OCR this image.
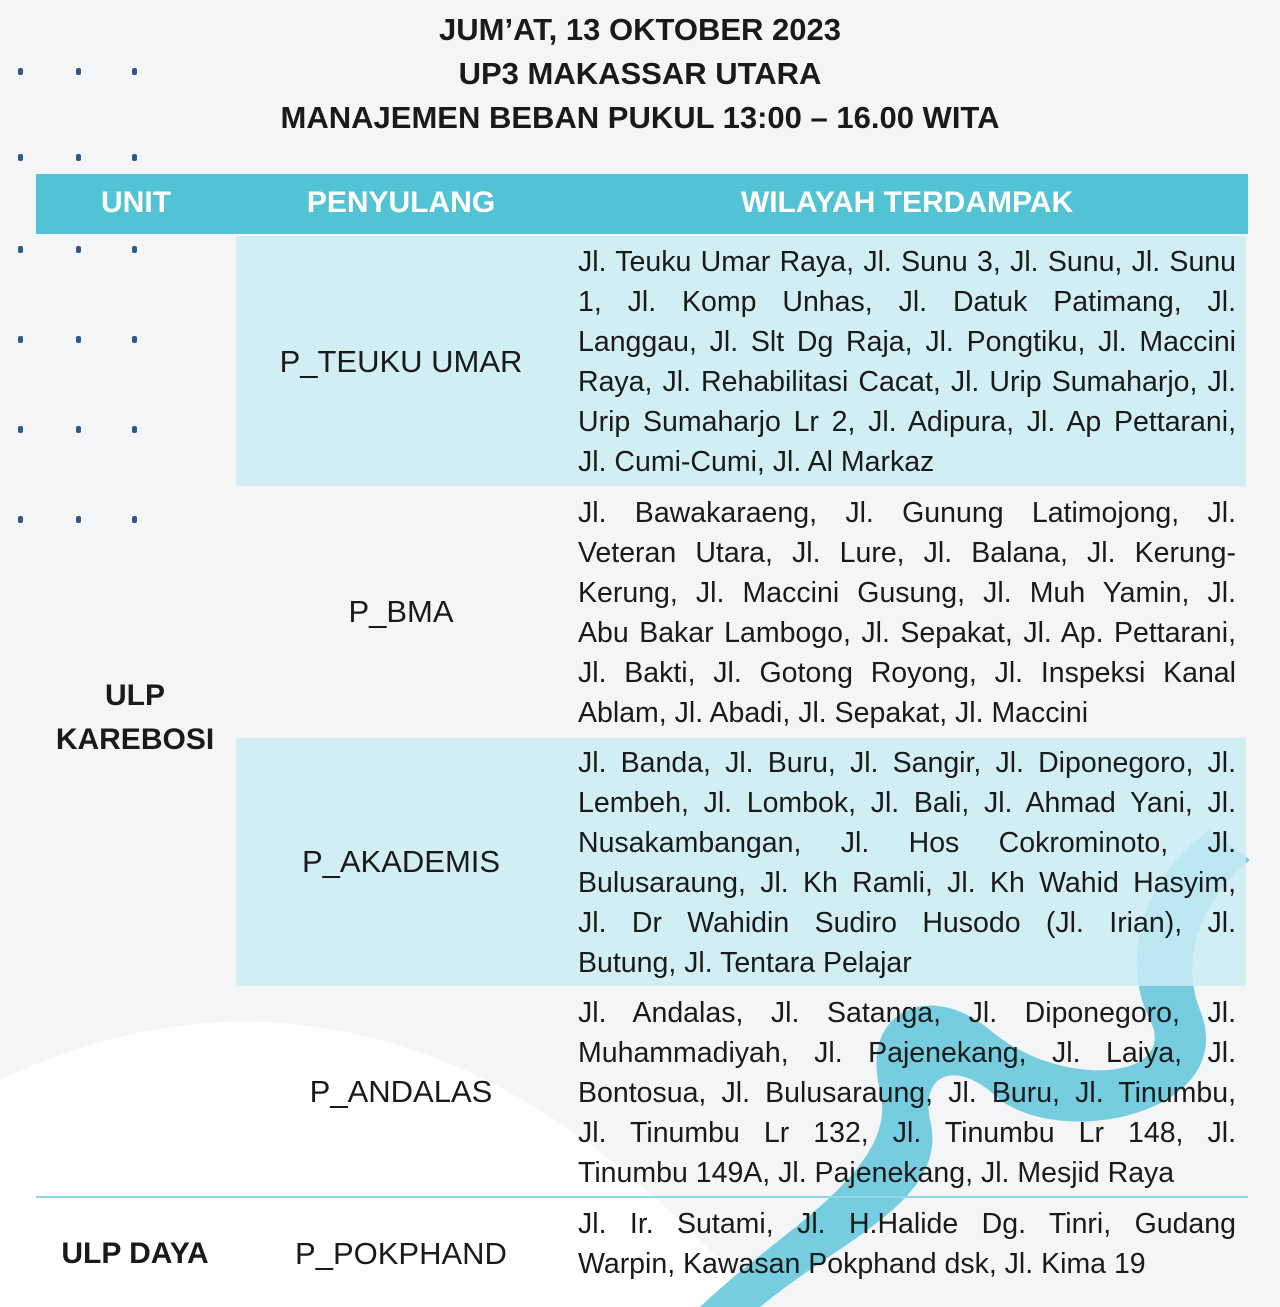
JUM’AT, 13 OKTOBER 2023
UP3 MAKASSAR UTARA
MANAJEMEN BEBAN PUKUL 13:00 – 16.00 WITA
UNIT	PENYULANG	WILAYAH TERDAMPAK
ULP
KAREBOSI
ULP DAYA
P_TEUKU UMAR
P_BMA
P_AKADEMIS
P_ANDALAS
P_POKPHAND
Jl. Teuku Umar Raya, Jl. Sunu 3, Jl. Sunu, Jl. Sunu
1, Jl. Komp Unhas, Jl. Datuk Patimang, Jl.
Langgau, Jl. Slt Dg Raja, Jl. Pongtiku, Jl. Maccini
Raya, Jl. Rehabilitasi Cacat, Jl. Urip Sumaharjo, Jl.
Urip Sumaharjo Lr 2, Jl. Adipura, Jl. Ap Pettarani,
Jl. Cumi-Cumi, Jl. Al Markaz
Jl. Bawakaraeng, Jl. Gunung Latimojong, Jl.
Veteran Utara, Jl. Lure, Jl. Balana, Jl. Kerung-
Kerung, Jl. Maccini Gusung, Jl. Muh Yamin, Jl.
Abu Bakar Lambogo, Jl. Sepakat, Jl. Ap. Pettarani,
Jl. Bakti, Jl. Gotong Royong, Jl. Inspeksi Kanal
Ablam, Jl. Abadi, Jl. Sepakat, Jl. Maccini
Jl. Banda, Jl. Buru, Jl. Sangir, Jl. Diponegoro, Jl.
Lembeh, Jl. Lombok, Jl. Bali, Jl. Ahmad Yani, Jl.
Nusakambangan, Jl. Hos Cokrominoto, Jl.
Bulusaraung, Jl. Kh Ramli, Jl. Kh Wahid Hasyim,
Jl. Dr Wahidin Sudiro Husodo (Jl. Irian), Jl.
Butung, Jl. Tentara Pelajar
Jl. Andalas, Jl. Satanga, Jl. Diponegoro, Jl.
Muhammadiyah, Jl. Pajenekang, Jl. Laiya, Jl.
Bontosua, Jl. Bulusaraung, Jl. Buru, Jl. Tinumbu,
Jl. Tinumbu Lr 132, Jl. Tinumbu Lr 148, Jl.
Tinumbu 149A, Jl. Pajenekang, Jl. Mesjid Raya
Jl. Ir. Sutami, Jl. H.Halide Dg. Tinri, Gudang
Warpin, Kawasan Pokphand dsk, Jl. Kima 19
